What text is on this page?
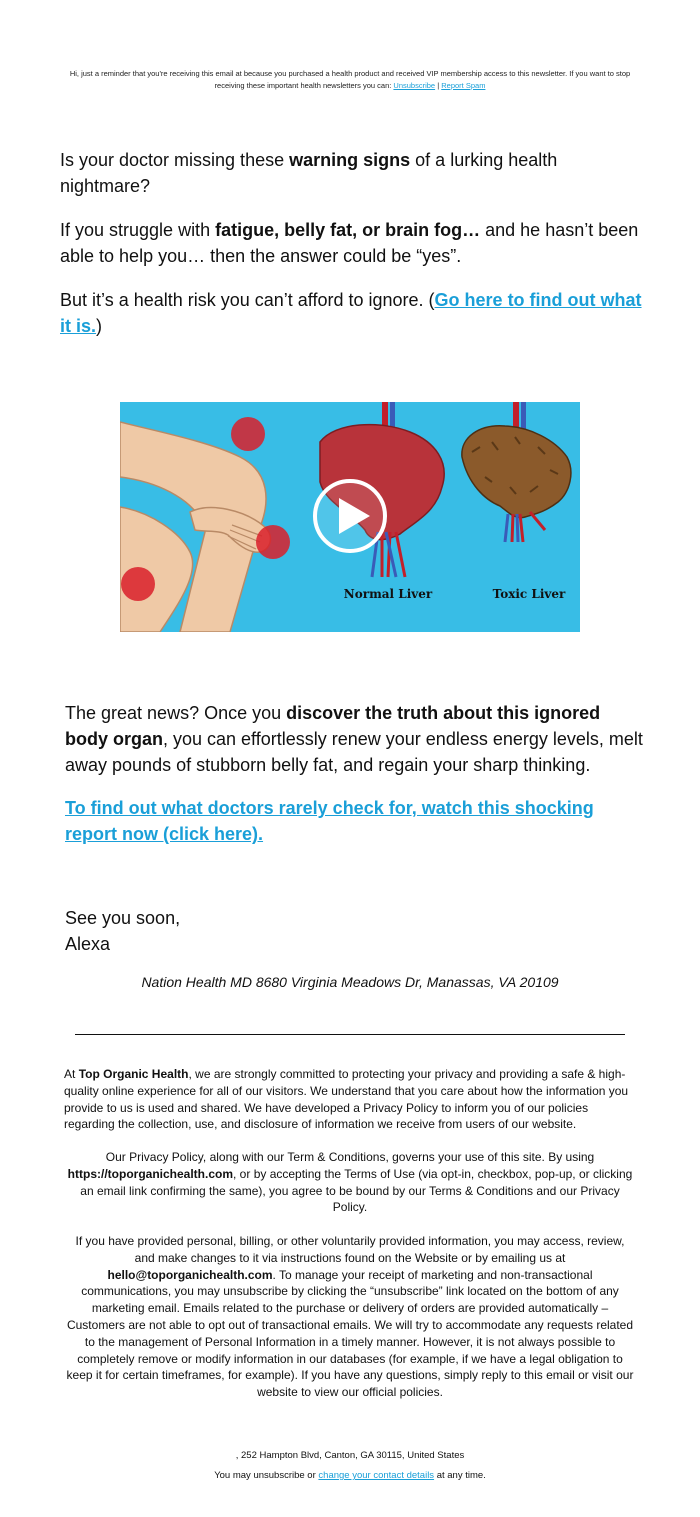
Hi, just a reminder that you're receiving this email at because you purchased a health product and received VIP membership access to this newsletter. If you want to stop receiving these important health newsletters you can: Unsubscribe | Report Spam

Is your doctor missing these warning signs of a lurking health nightmare?

If you struggle with fatigue, belly fat, or brain fog… and he hasn’t been able to help you… then the answer could be “yes”.

But it’s a health risk you can’t afford to ignore. (Go here to find out what it is.)

Normal Liver	Toxic Liver

The great news? Once you discover the truth about this ignored body organ, you can effortlessly renew your endless energy levels, melt away pounds of stubborn belly fat, and regain your sharp thinking.

To find out what doctors rarely check for, watch this shocking report now (click here).
See you soon,
Alexa
Nation Health MD 8680 Virginia Meadows Dr, Manassas, VA 20109

At Top Organic Health, we are strongly committed to protecting your privacy and providing a safe & high-quality online experience for all of our visitors. We understand that you care about how the information you provide to us is used and shared. We have developed a Privacy Policy to inform you of our policies regarding the collection, use, and disclosure of information we receive from users of our website.

Our Privacy Policy, along with our Term & Conditions, governs your use of this site. By using https://toporganichealth.com, or by accepting the Terms of Use (via opt-in, checkbox, pop-up, or clicking an email link confirming the same), you agree to be bound by our Terms & Conditions and our Privacy Policy.

If you have provided personal, billing, or other voluntarily provided information, you may access, review, and make changes to it via instructions found on the Website or by emailing us at hello@toporganichealth.com. To manage your receipt of marketing and non-transactional communications, you may unsubscribe by clicking the “unsubscribe” link located on the bottom of any marketing email. Emails related to the purchase or delivery of orders are provided automatically – Customers are not able to opt out of transactional emails. We will try to accommodate any requests related to the management of Personal Information in a timely manner. However, it is not always possible to completely remove or modify information in our databases (for example, if we have a legal obligation to keep it for certain timeframes, for example). If you have any questions, simply reply to this email or visit our website to view our official policies.

, 252 Hampton Blvd, Canton, GA 30115, United States
You may unsubscribe or change your contact details at any time.
